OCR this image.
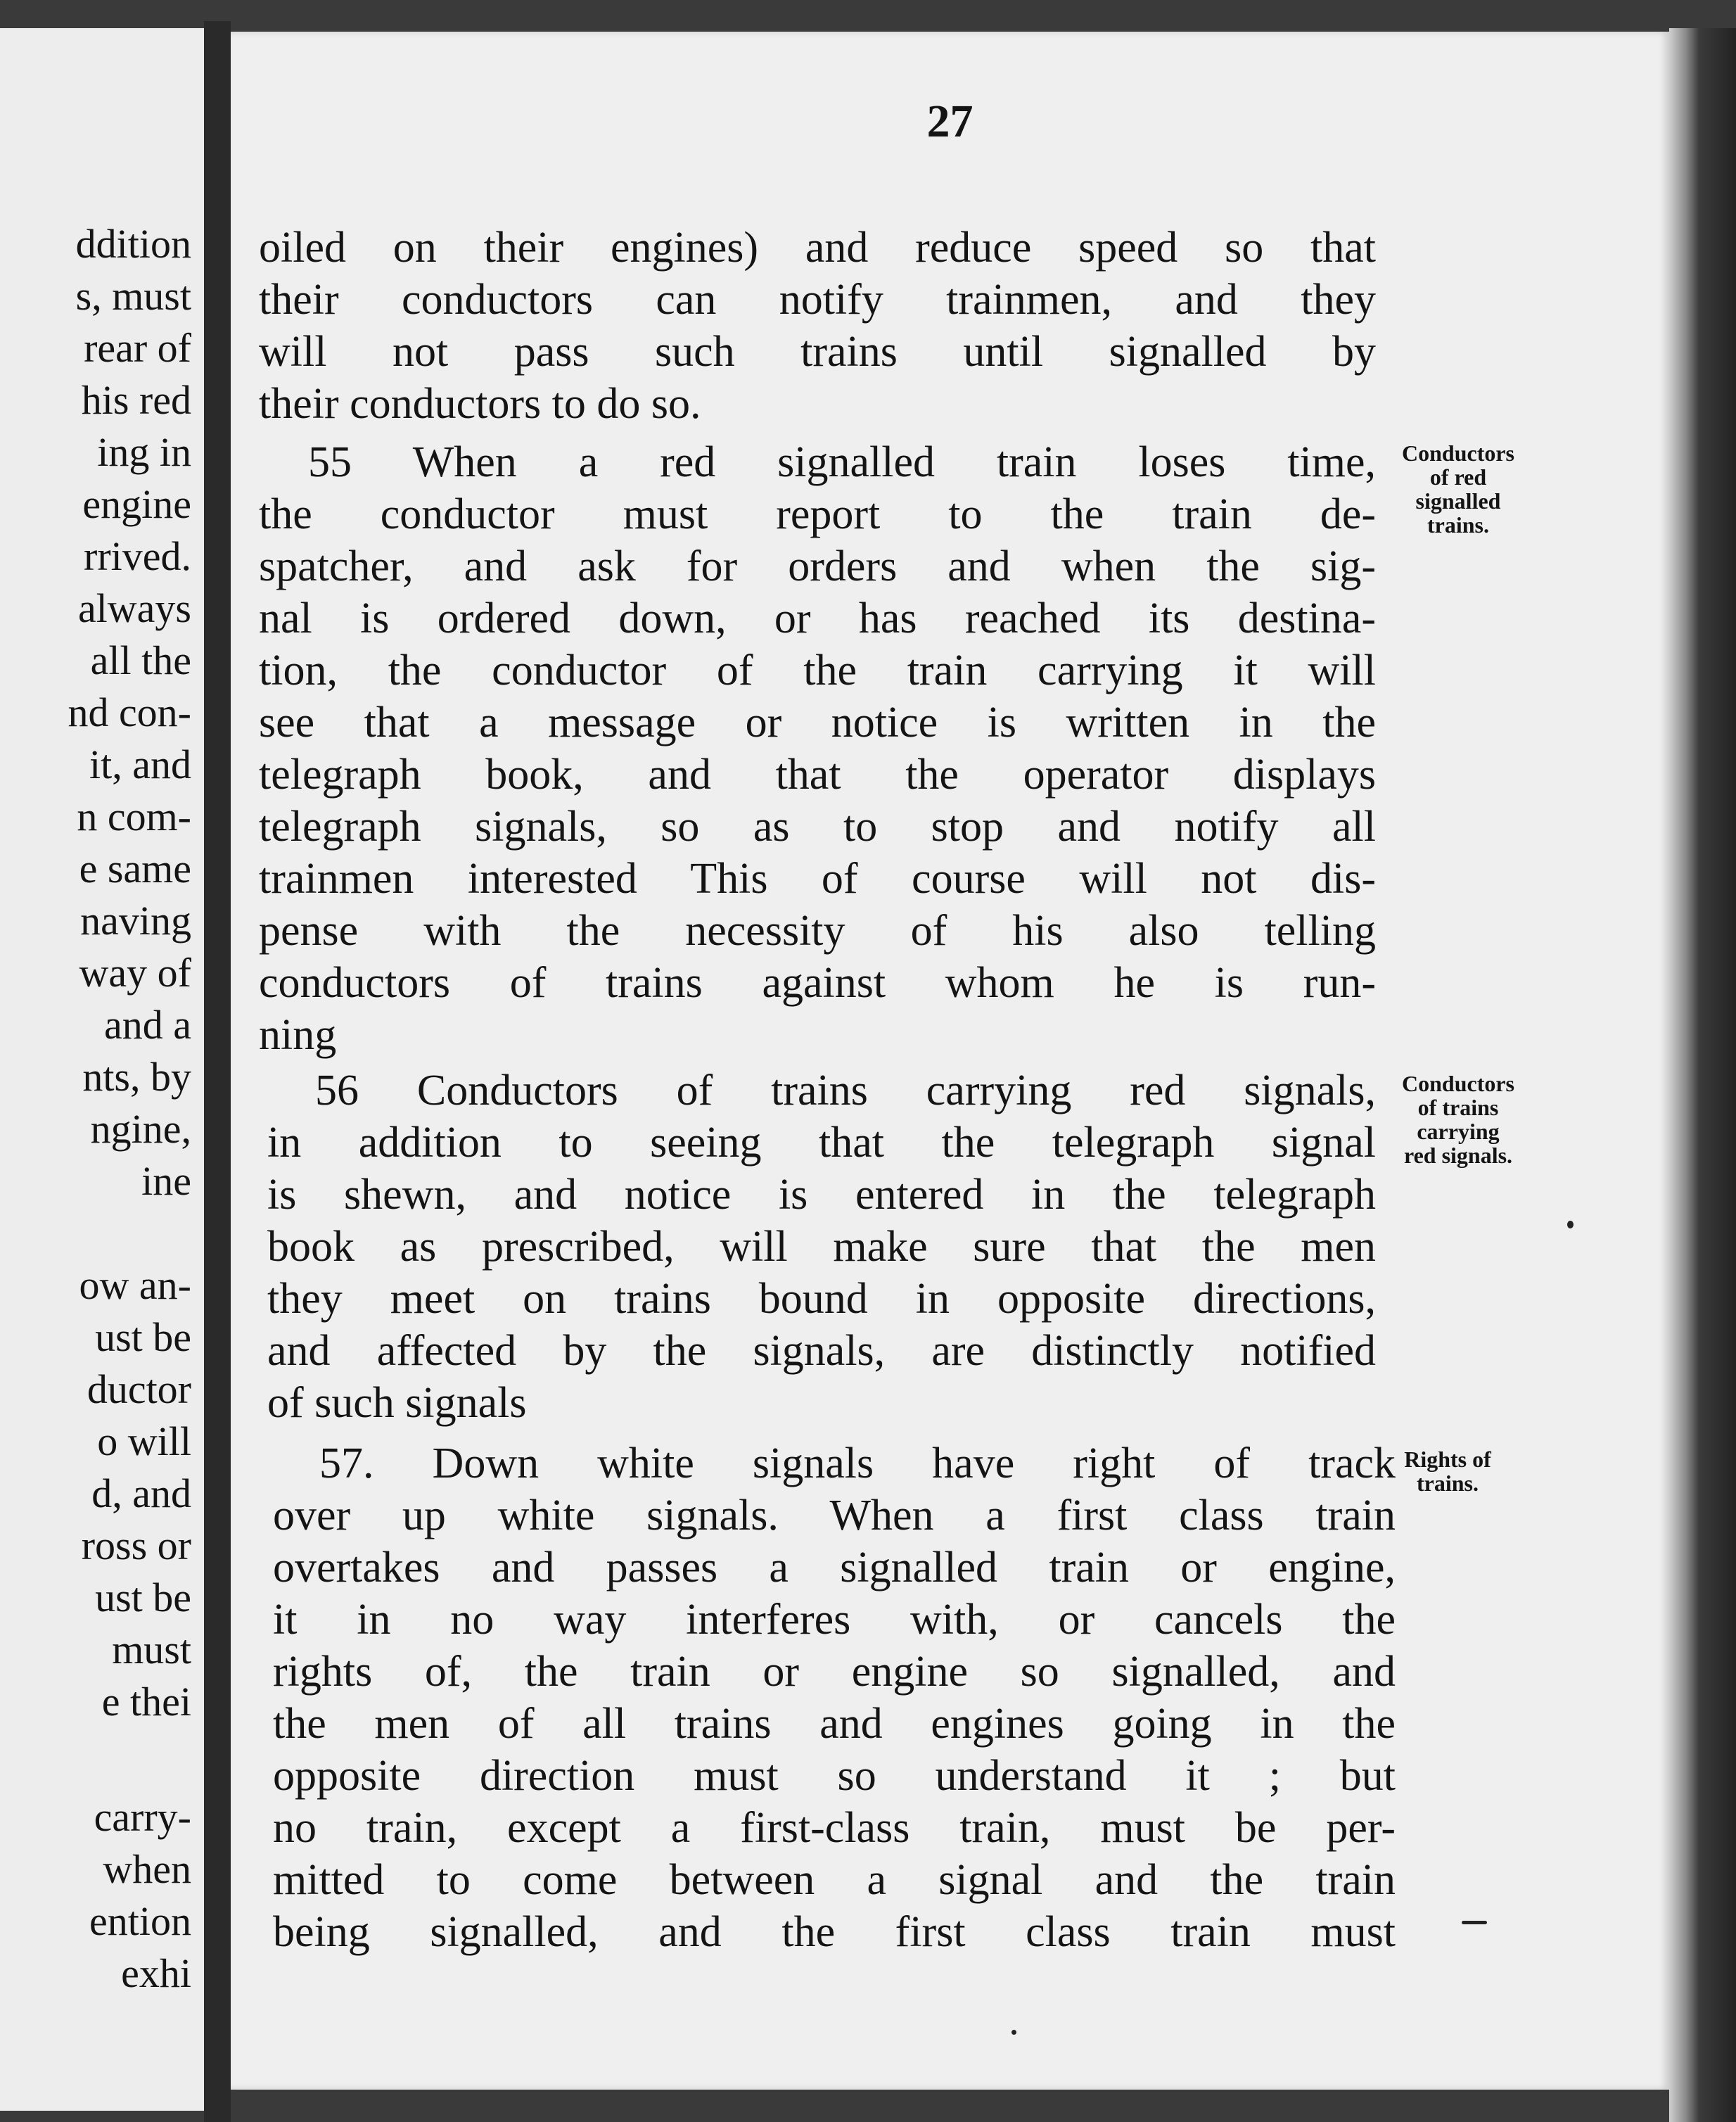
ddition
s, must
rear of
his red
ing in
engine
rrived.
always
all the
nd con-
it, and
n com-
e same
naving
way of
and a
nts, by
ngine,
ine
ow an-
ust be
ductor
o will
d, and
ross or
ust be
must
e thei
carry-
when
ention
exhi
27
oiled on their engines) and reduce speed so that
their conductors can notify trainmen, and they
will not pass such trains until signalled by
their conductors to do so.
55 When a red signalled train loses time,
the conductor must report to the train de-
spatcher, and ask for orders and when the sig-
nal is ordered down, or has reached its destina-
tion, the conductor of the train carrying it will
see that a message or notice is written in the
telegraph book, and that the operator displays
telegraph signals, so as to stop and notify all
trainmen interested This of course will not dis-
pense with the necessity of his also telling
conductors of trains against whom he is run-
ning
56 Conductors of trains carrying red signals,
in addition to seeing that the telegraph signal
is shewn, and notice is entered in the telegraph
book as prescribed, will make sure that the men
they meet on trains bound in opposite directions,
and affected by the signals, are distinctly notified
of such signals
57. Down white signals have right of track
over up white signals. When a first class train
overtakes and passes a signalled train or engine,
it in no way interferes with, or cancels the
rights of, the train or engine so signalled, and
the men of all trains and engines going in the
opposite direction must so understand it ; but
no train, except a first-class train, must be per-
mitted to come between a signal and the train
being signalled, and the first class train must
Conductors
of red
signalled
trains.
Conductors
of trains
carrying
red signals.
Rights of
trains.
